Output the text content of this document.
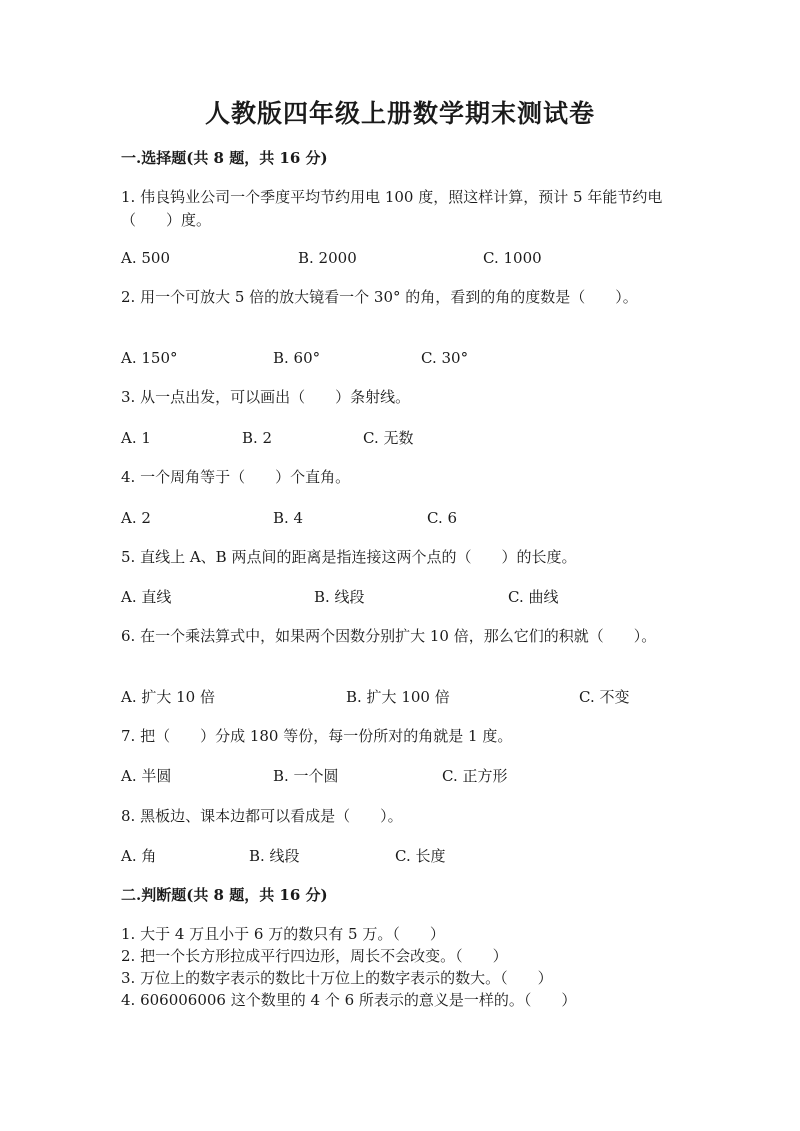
人教版四年级上册数学期末测试卷
一.选择题(共 8 题，共 16 分)
1. 伟良钨业公司一个季度平均节约用电 100 度，照这样计算，预计 5 年能节约电（　　）度。
A. 500	B. 2000	C. 1000
2. 用一个可放大 5 倍的放大镜看一个 30° 的角，看到的角的度数是（　　）。
A. 150°	B. 60°	C. 30°
3. 从一点出发，可以画出（　　）条射线。
A. 1	B. 2	C. 无数
4. 一个周角等于（　　）个直角。
A. 2	B. 4	C. 6
5. 直线上 A、B 两点间的距离是指连接这两个点的（　　）的长度。
A. 直线	B. 线段	C. 曲线
6. 在一个乘法算式中，如果两个因数分别扩大 10 倍，那么它们的积就（　　）。
A. 扩大 10 倍	B. 扩大 100 倍	C. 不变
7. 把（　　）分成 180 等份，每一份所对的角就是 1 度。
A. 半圆	B. 一个圆	C. 正方形
8. 黑板边、课本边都可以看成是（　　）。
A. 角	B. 线段	C. 长度
二.判断题(共 8 题，共 16 分)
1. 大于 4 万且小于 6 万的数只有 5 万。（　　）
2. 把一个长方形拉成平行四边形，周长不会改变。（　　）
3. 万位上的数字表示的数比十万位上的数字表示的数大。（　　）
4. 606006006 这个数里的 4 个 6 所表示的意义是一样的。（　　）
